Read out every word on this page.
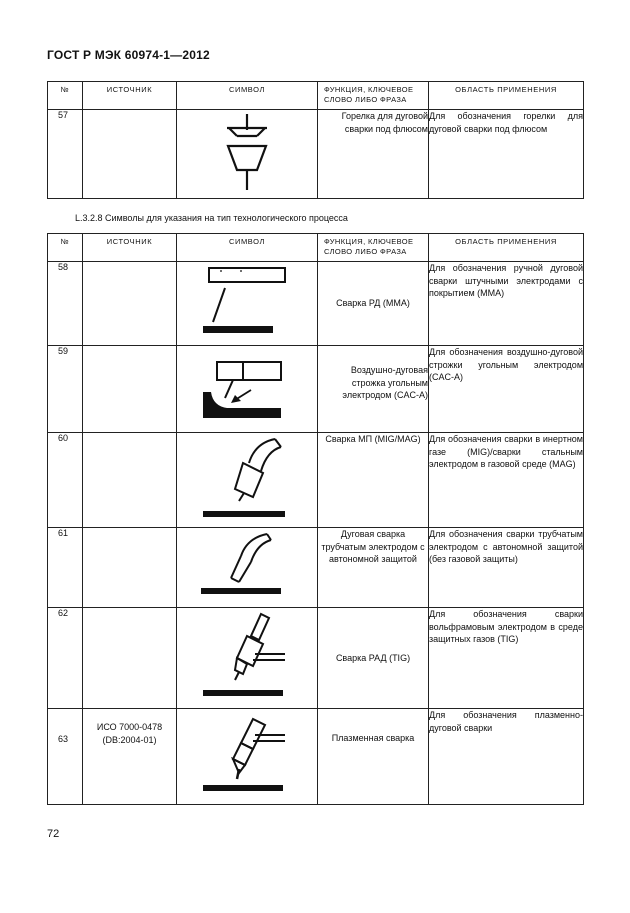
ГОСТ Р МЭК 60974-1—2012
№	ИСТОЧНИК	СИМВОЛ	ФУНКЦИЯ, КЛЮЧЕВОЕ
СЛОВО ЛИБО ФРАЗА	ОБЛАСТЬ ПРИМЕНЕНИЯ
57			Горелка для дуговой сварки под флюсом	Для обозначения горелки для дуговой сварки под флюсом
L.3.2.8 Символы для указания на тип технологического процесса
№	ИСТОЧНИК	СИМВОЛ	ФУНКЦИЯ, КЛЮЧЕВОЕ
СЛОВО ЛИБО ФРАЗА	ОБЛАСТЬ ПРИМЕНЕНИЯ
58			Сварка РД (ММА)	Для обозначения ручной дуговой сварки штучными электродами с покрытием (ММА)
59			Воздушно-дуговая строжка угольным электродом (CAC-A)	Для обозначения воздушно-дуговой строжки угольным электродом (CAC-A)
60			Сварка МП (MIG/MAG)	Для обозначения сварки в инертном газе (MIG)/сварки стальным электродом в газовой среде (MAG)
61			Дуговая сварка трубчатым электродом с автономной защитой	Для обозначения сварки трубчатым электродом с автономной защитой (без газовой защиты)
62			Сварка РАД (TIG)	Для обозначения сварки вольфрамовым электродом в среде защитных газов (TIG)
63	ИСО 7000-0478 (DB:2004-01)		Плазменная сварка	Для обозначения плазменно-дуговой сварки
72
